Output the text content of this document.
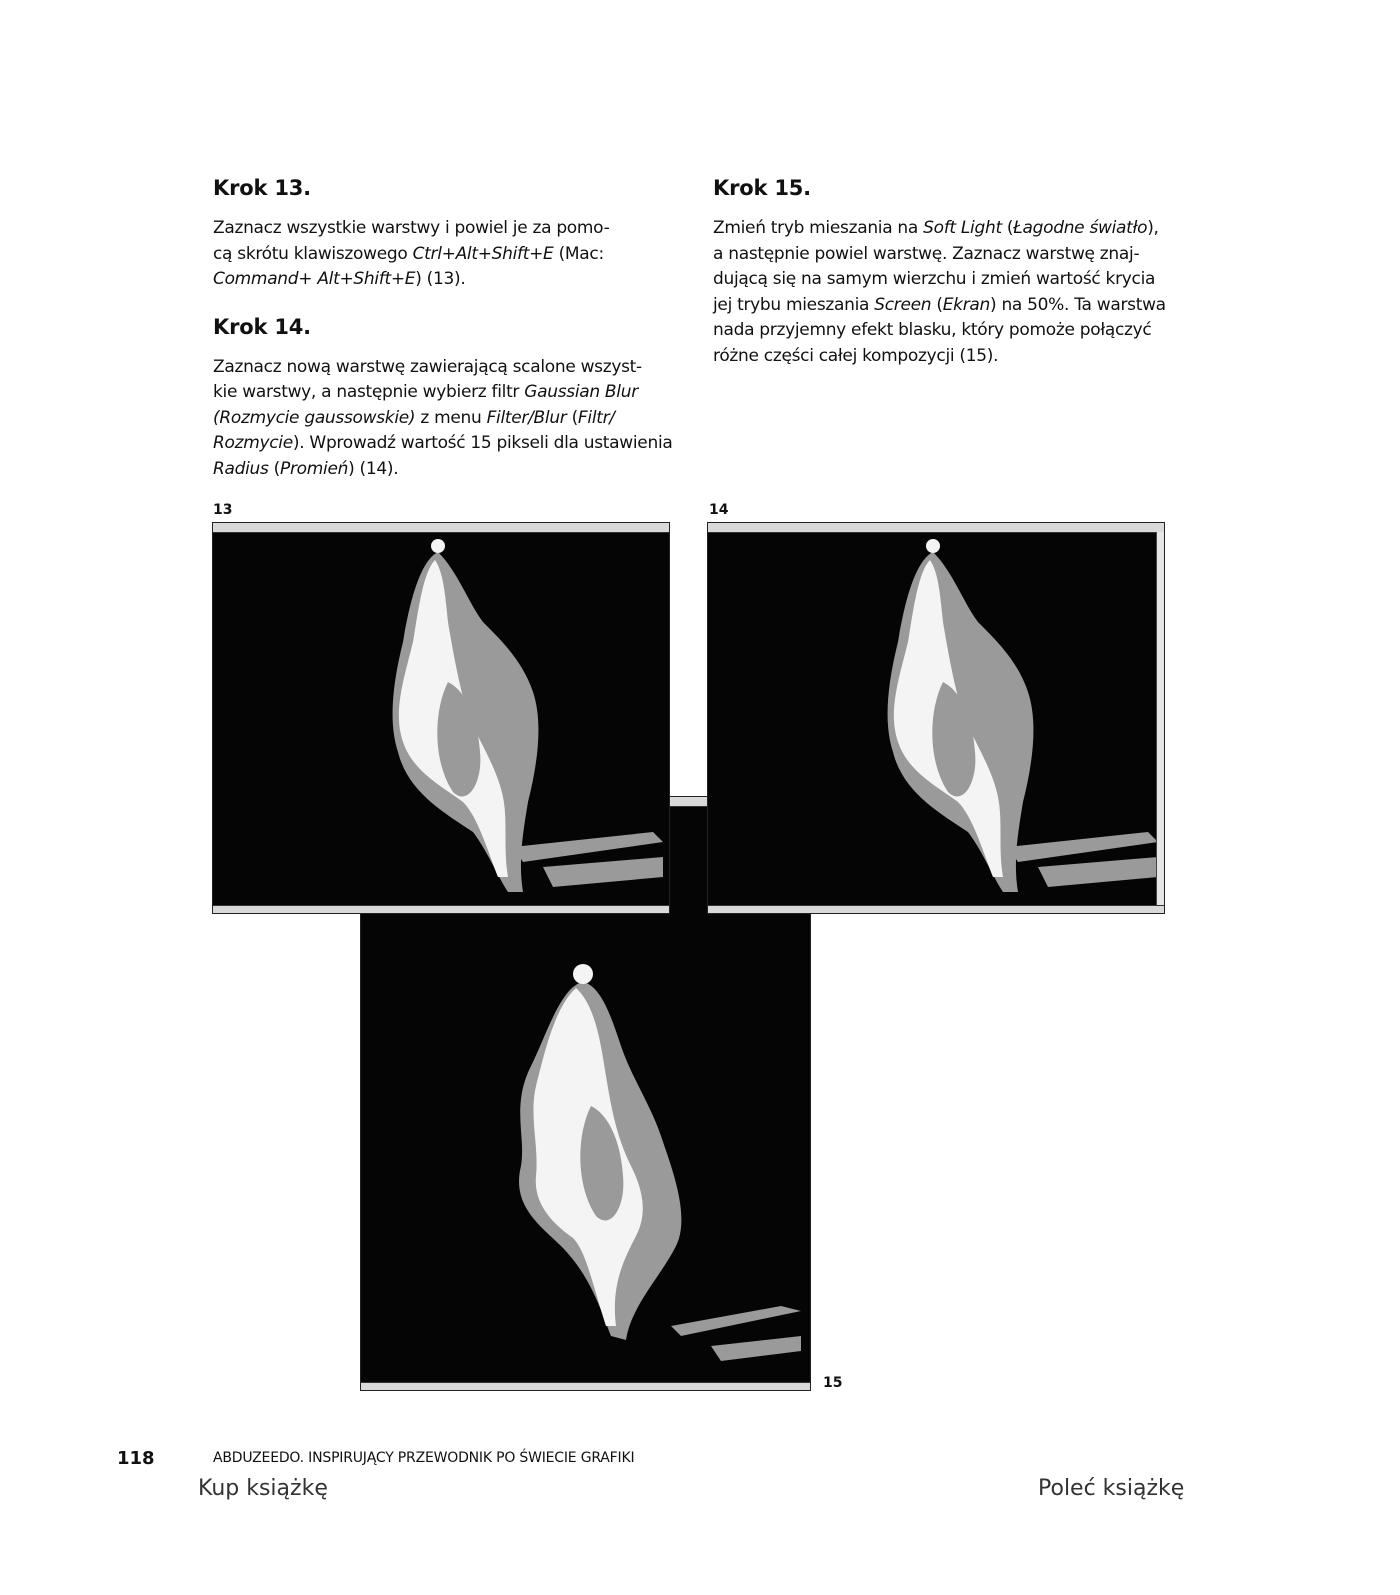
Krok 13.

Zaznacz wszystkie warstwy i powiel je za pomo-
cą skrótu klawiszowego Ctrl+Alt+Shift+E (Mac:
Command+ Alt+Shift+E) (13).

Krok 14.

Zaznacz nową warstwę zawierającą scalone wszyst-
kie warstwy, a następnie wybierz filtr Gaussian Blur
(Rozmycie gaussowskie) z menu Filter/Blur (Filtr/
Rozmycie). Wprowadź wartość 15 pikseli dla ustawienia
Radius (Promień) (14).

Krok 15.

Zmień tryb mieszania na Soft Light (Łagodne światło),
a następnie powiel warstwę. Zaznacz warstwę znaj-
dującą się na samym wierzchu i zmień wartość krycia
jej trybu mieszania Screen (Ekran) na 50%. Ta warstwa
nada przyjemny efekt blasku, który pomoże połączyć
różne części całej kompozycji (15).

13	14
15
118	ABDUZEEDO. INSPIRUJĄCY PRZEWODNIK PO ŚWIECIE GRAFIKI
Kup książkę	Poleć książkę
